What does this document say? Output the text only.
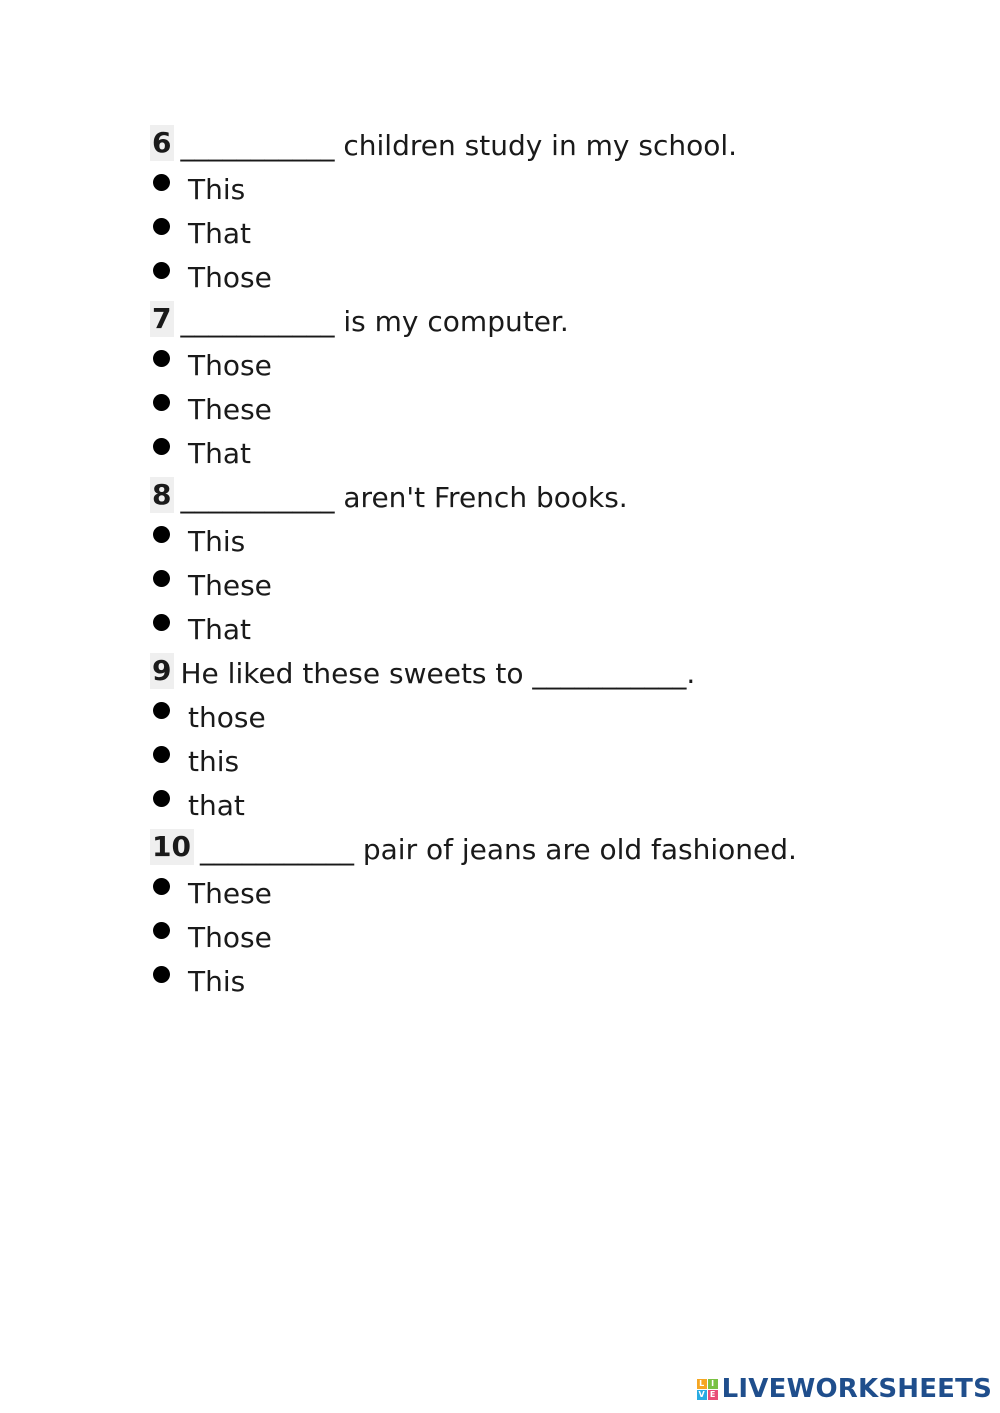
6 ___________ children study in my school.
This
That
Those
7 ___________ is my computer.
Those
These
That
8 ___________ aren't French books.
This
These
That
9 He liked these sweets to ___________.
those
this
that
10 ___________ pair of jeans are old fashioned.
These
Those
This
L I
V E LIVEWORKSHEETS
